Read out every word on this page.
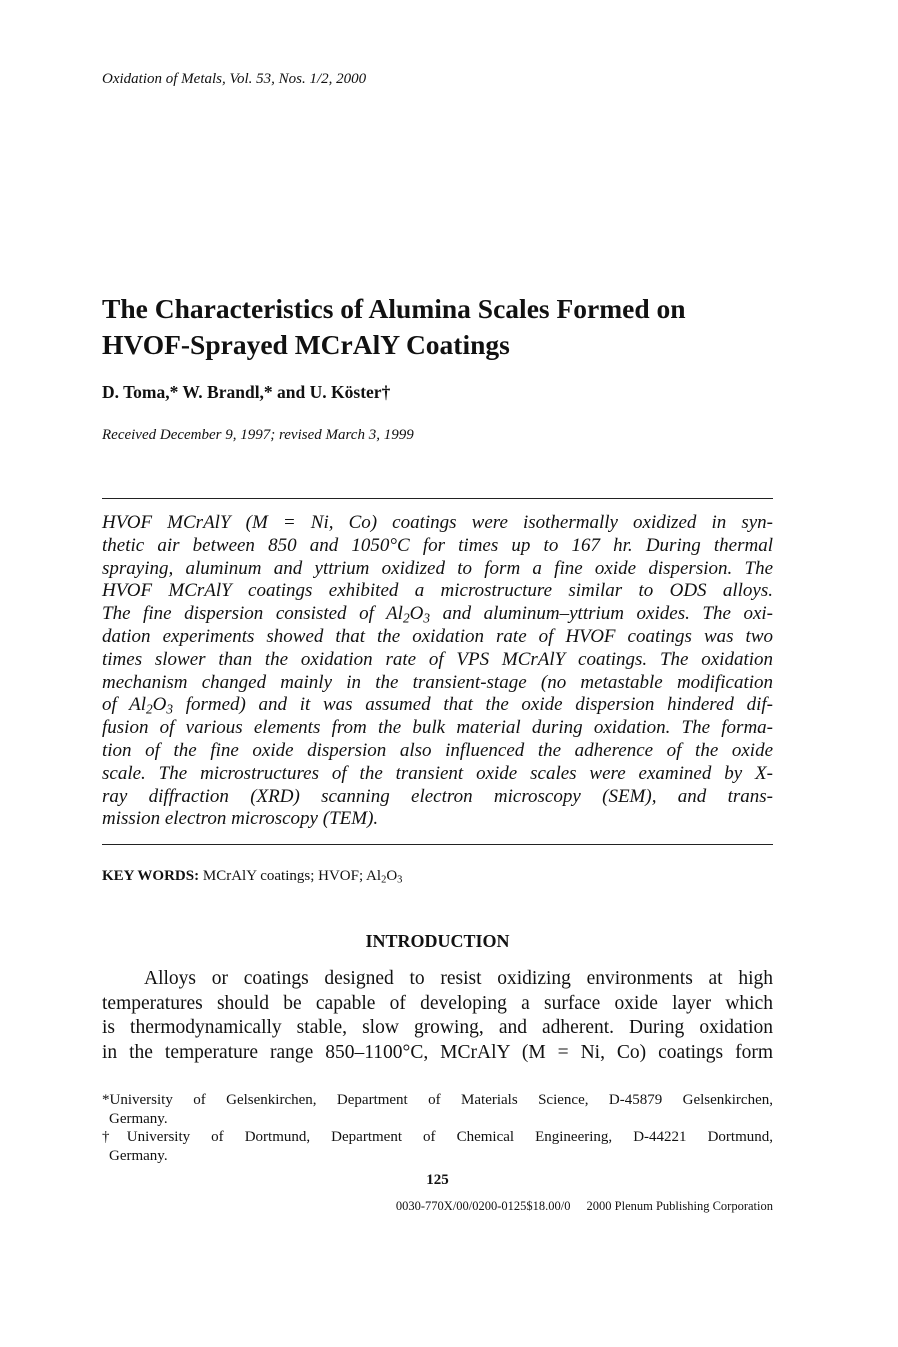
Oxidation of Metals, Vol. 53, Nos. 1/2, 2000
The Characteristics of Alumina Scales Formed on
HVOF-Sprayed MCrAlY Coatings
D. Toma,* W. Brandl,* and U. Köster†
Received December 9, 1997; revised March 3, 1999
HVOF MCrAlY (M = Ni, Co) coatings were isothermally oxidized in syn-
thetic air between 850 and 1050°C for times up to 167 hr. During thermal
spraying, aluminum and yttrium oxidized to form a fine oxide dispersion. The
HVOF MCrAlY coatings exhibited a microstructure similar to ODS alloys.
The fine dispersion consisted of $Al_2O_3$ and aluminum–yttrium oxides. The oxi-
dation experiments showed that the oxidation rate of HVOF coatings was two
times slower than the oxidation rate of VPS MCrAlY coatings. The oxidation
mechanism changed mainly in the transient-stage (no metastable modification
of $Al_2O_3$ formed) and it was assumed that the oxide dispersion hindered dif-
fusion of various elements from the bulk material during oxidation. The forma-
tion of the fine oxide dispersion also influenced the adherence of the oxide
scale. The microstructures of the transient oxide scales were examined by X-
ray diffraction (XRD) scanning electron microscopy (SEM), and trans-
mission electron microscopy (TEM).
KEY WORDS: MCrAlY coatings; HVOF; $Al_2O_3$
INTRODUCTION
Alloys or coatings designed to resist oxidizing environments at high
temperatures should be capable of developing a surface oxide layer which
is thermodynamically stable, slow growing, and adherent. During oxidation
in the temperature range 850–1100°C, MCrAlY (M = Ni, Co) coatings form
*University of Gelsenkirchen, Department of Materials Science, D-45879 Gelsenkirchen,
Germany.
†University of Dortmund, Department of Chemical Engineering, D-44221 Dortmund,
Germany.
125
0030-770X/00/0200-0125$18.00/0 2000 Plenum Publishing Corporation
